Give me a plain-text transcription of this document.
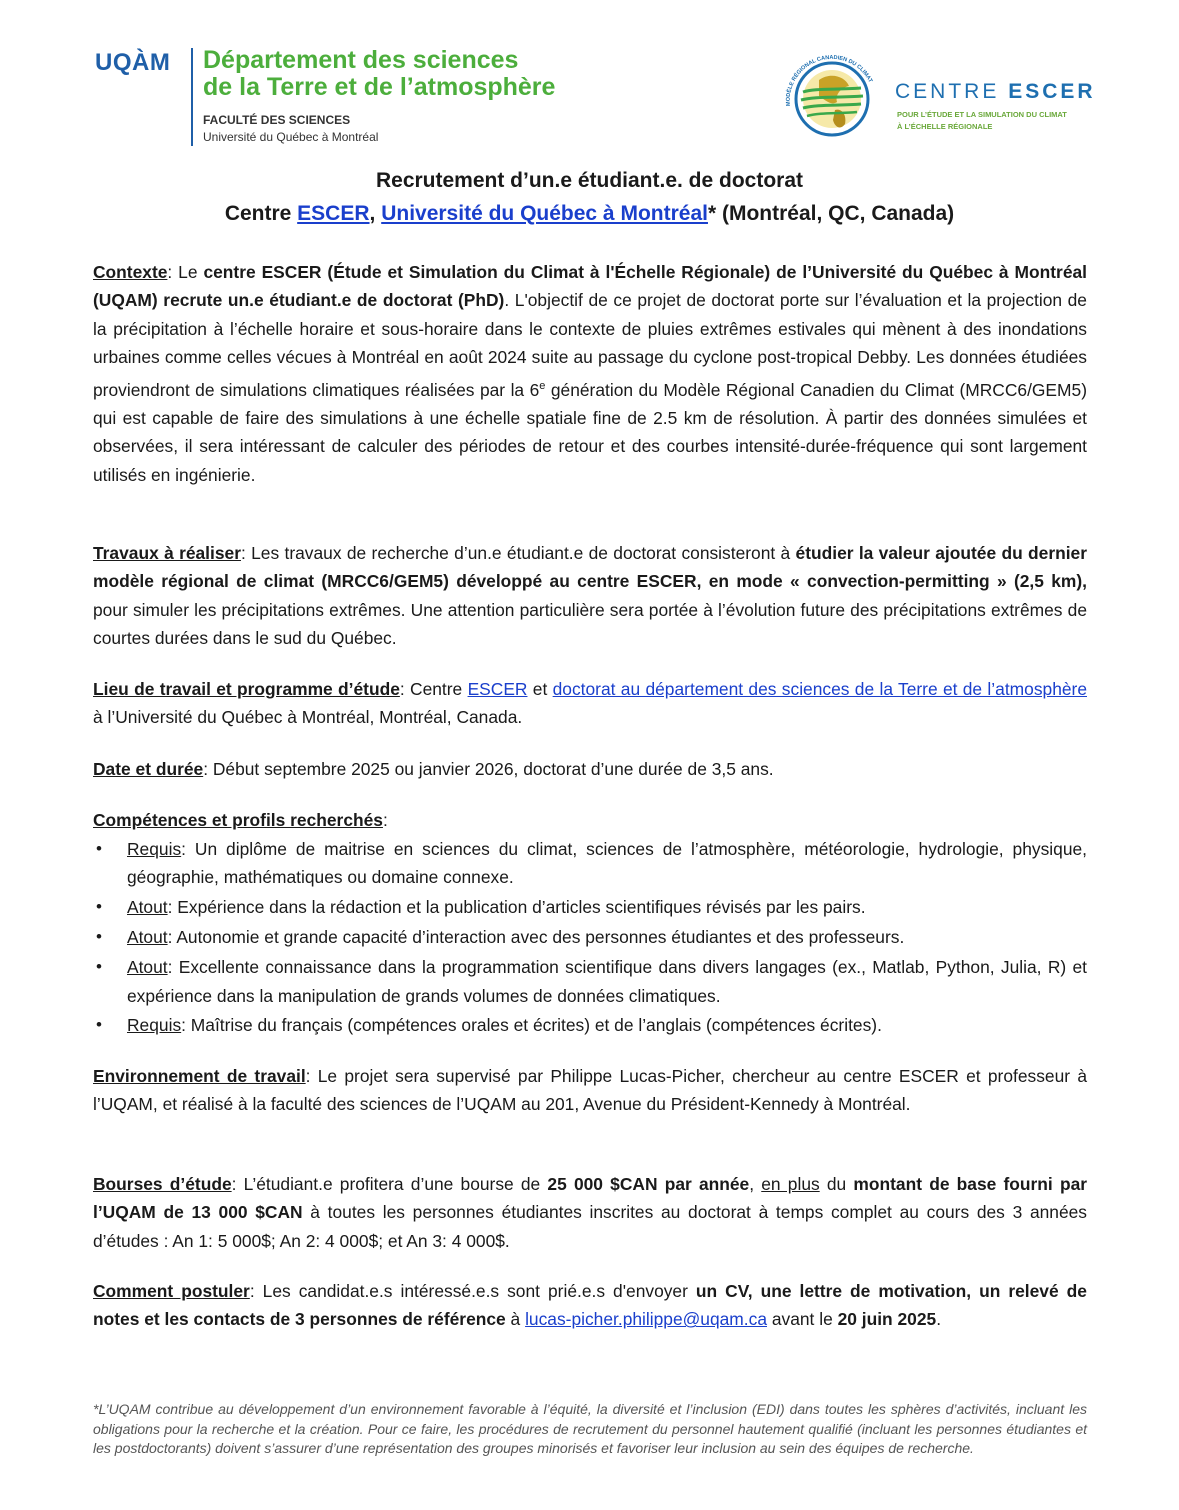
UQÀM Département des sciences
de la Terre et de l’atmosphère
FACULTÉ DES SCIENCES
Université du Québec à Montréal
MODÈLE RÉGIONAL CANADIEN DU CLIMAT CENTRE ESCER
POUR L’ÉTUDE ET LA SIMULATION DU CLIMAT
À L’ÉCHELLE RÉGIONALE
Recrutement d’un.e étudiant.e. de doctorat
Centre ESCER, Université du Québec à Montréal* (Montréal, QC, Canada)
Contexte: Le centre ESCER (Étude et Simulation du Climat à l'Échelle Régionale) de l’Université du Québec à Montréal (UQAM) recrute un.e étudiant.e de doctorat (PhD). L'objectif de ce projet de doctorat porte sur l’évaluation et la projection de la précipitation à l’échelle horaire et sous-horaire dans le contexte de pluies extrêmes estivales qui mènent à des inondations urbaines comme celles vécues à Montréal en août 2024 suite au passage du cyclone post-tropical Debby. Les données étudiées proviendront de simulations climatiques réalisées par la 6e génération du Modèle Régional Canadien du Climat (MRCC6/GEM5) qui est capable de faire des simulations à une échelle spatiale fine de 2.5 km de résolution. À partir des données simulées et observées, il sera intéressant de calculer des périodes de retour et des courbes intensité-durée-fréquence qui sont largement utilisés en ingénierie.
Travaux à réaliser: Les travaux de recherche d’un.e étudiant.e de doctorat consisteront à étudier la valeur ajoutée du dernier modèle régional de climat (MRCC6/GEM5) développé au centre ESCER, en mode « convection-permitting » (2,5 km), pour simuler les précipitations extrêmes. Une attention particulière sera portée à l’évolution future des précipitations extrêmes de courtes durées dans le sud du Québec.
Lieu de travail et programme d’étude: Centre ESCER et doctorat au département des sciences de la Terre et de l’atmosphère à l’Université du Québec à Montréal, Montréal, Canada.
Date et durée: Début septembre 2025 ou janvier 2026, doctorat d’une durée de 3,5 ans.
Compétences et profils recherchés:
• Requis: Un diplôme de maitrise en sciences du climat, sciences de l’atmosphère, météorologie, hydrologie, physique, géographie, mathématiques ou domaine connexe.
• Atout: Expérience dans la rédaction et la publication d’articles scientifiques révisés par les pairs.
• Atout: Autonomie et grande capacité d’interaction avec des personnes étudiantes et des professeurs.
• Atout: Excellente connaissance dans la programmation scientifique dans divers langages (ex., Matlab, Python, Julia, R) et expérience dans la manipulation de grands volumes de données climatiques.
• Requis: Maîtrise du français (compétences orales et écrites) et de l’anglais (compétences écrites).
Environnement de travail: Le projet sera supervisé par Philippe Lucas-Picher, chercheur au centre ESCER et professeur à l’UQAM, et réalisé à la faculté des sciences de l’UQAM au 201, Avenue du Président-Kennedy à Montréal.
Bourses d’étude: L’étudiant.e profitera d’une bourse de 25 000 $CAN par année, en plus du montant de base fourni par l’UQAM de 13 000 $CAN à toutes les personnes étudiantes inscrites au doctorat à temps complet au cours des 3 années d’études : An 1: 5 000$; An 2: 4 000$; et An 3: 4 000$.
Comment postuler: Les candidat.e.s intéressé.e.s sont prié.e.s d'envoyer un CV, une lettre de motivation, un relevé de notes et les contacts de 3 personnes de référence à lucas-picher.philippe@uqam.ca avant le 20 juin 2025.
*L’UQAM contribue au développement d’un environnement favorable à l’équité, la diversité et l’inclusion (EDI) dans toutes les sphères d’activités, incluant les obligations pour la recherche et la création. Pour ce faire, les procédures de recrutement du personnel hautement qualifié (incluant les personnes étudiantes et les postdoctorants) doivent s’assurer d’une représentation des groupes minorisés et favoriser leur inclusion au sein des équipes de recherche.
